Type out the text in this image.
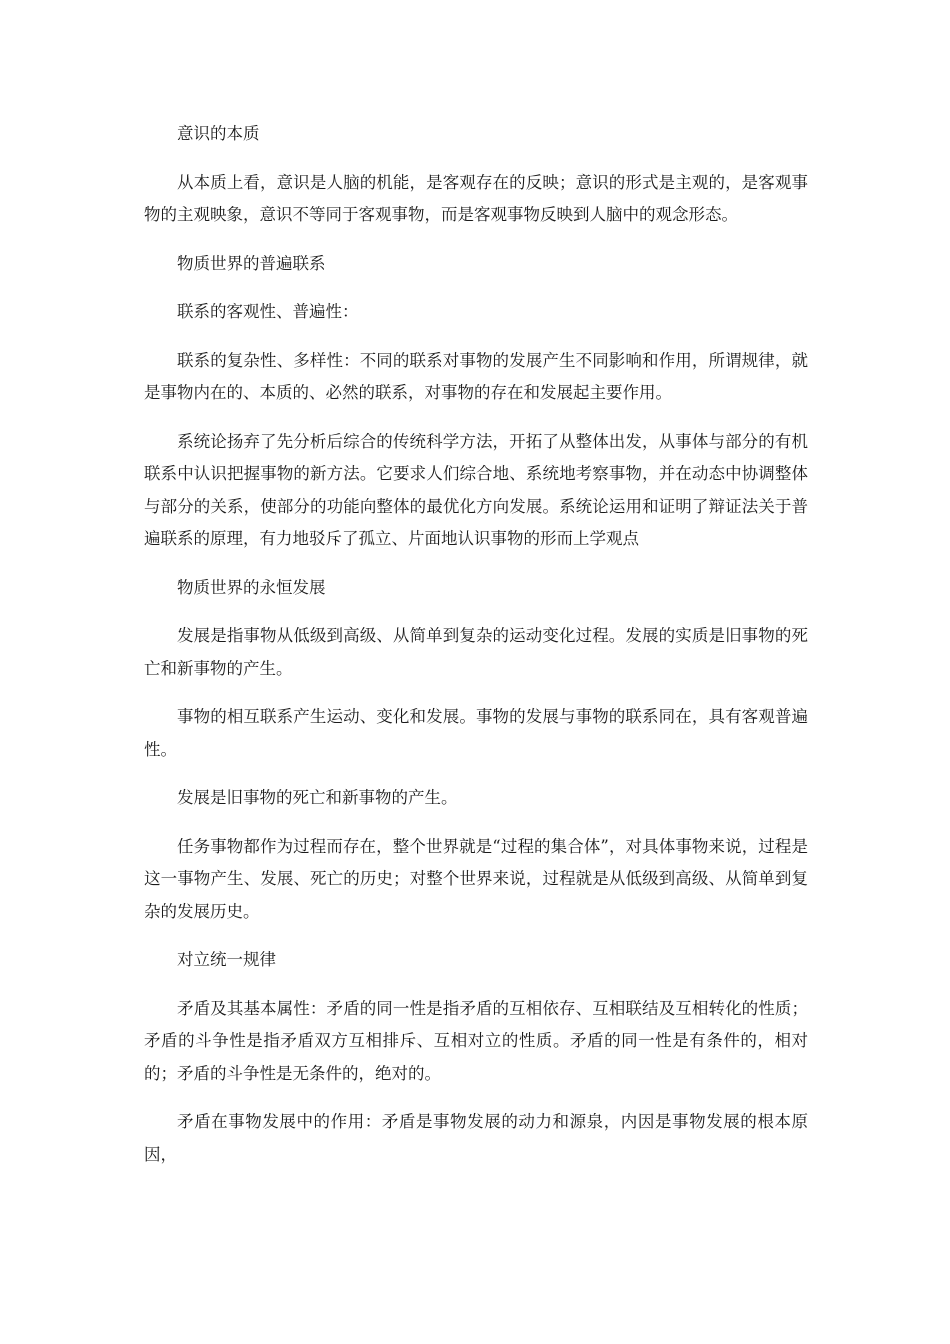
意识的本质

从本质上看，意识是人脑的机能，是客观存在的反映；意识的形式是主观的，是客观事物的主观映象，意识不等同于客观事物，而是客观事物反映到人脑中的观念形态。

物质世界的普遍联系

联系的客观性、普遍性：

联系的复杂性、多样性：不同的联系对事物的发展产生不同影响和作用，所谓规律，就是事物内在的、本质的、必然的联系，对事物的存在和发展起主要作用。

系统论扬弃了先分析后综合的传统科学方法，开拓了从整体出发，从事体与部分的有机联系中认识把握事物的新方法。它要求人们综合地、系统地考察事物，并在动态中协调整体与部分的关系，使部分的功能向整体的最优化方向发展。系统论运用和证明了辩证法关于普遍联系的原理，有力地驳斥了孤立、片面地认识事物的形而上学观点

物质世界的永恒发展

发展是指事物从低级到高级、从简单到复杂的运动变化过程。发展的实质是旧事物的死亡和新事物的产生。

事物的相互联系产生运动、变化和发展。事物的发展与事物的联系同在，具有客观普遍性。

发展是旧事物的死亡和新事物的产生。

任务事物都作为过程而存在，整个世界就是“过程的集合体”，对具体事物来说，过程是这一事物产生、发展、死亡的历史；对整个世界来说，过程就是从低级到高级、从简单到复杂的发展历史。

对立统一规律

矛盾及其基本属性：矛盾的同一性是指矛盾的互相依存、互相联结及互相转化的性质；矛盾的斗争性是指矛盾双方互相排斥、互相对立的性质。矛盾的同一性是有条件的，相对的；矛盾的斗争性是无条件的，绝对的。

矛盾在事物发展中的作用：矛盾是事物发展的动力和源泉，内因是事物发展的根本原因，
